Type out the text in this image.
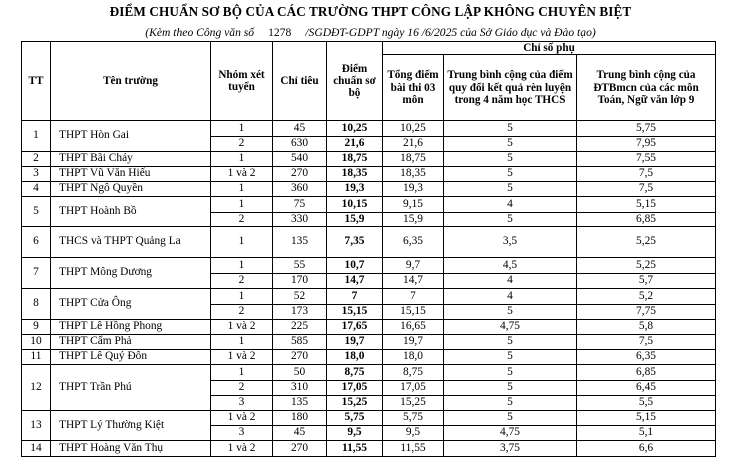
ĐIỂM CHUẨN SƠ BỘ CỦA CÁC TRƯỜNG THPT CÔNG LẬP KHÔNG CHUYÊN BIỆT
(Kèm theo Công văn số 1278 /SGDĐT-GDPT ngày 16 /6/2025 của Sở Giáo dục và Đào tạo)
TT	Tên trường	Nhóm xét tuyển	Chỉ tiêu	Điểm chuẩn sơ bộ	Chỉ số phụ		
					Tổng điểm bài thi 03 môn	Trung bình cộng của điểm quy đổi kết quả rèn luyện trong 4 năm học THCS	Trung bình cộng của ĐTBmcn của các môn Toán, Ngữ văn lớp 9
1	THPT Hòn Gai	1	45	10,25	10,25	5	5,75
		2	630	21,6	21,6	5	7,95
2	THPT Bãi Cháy	1	540	18,75	18,75	5	7,55
3	THPT Vũ Văn Hiếu	1 và 2	270	18,35	18,35	5	7,5
4	THPT Ngô Quyền	1	360	19,3	19,3	5	7,5
5	THPT Hoành Bồ	1	75	10,15	9,15	4	5,15
		2	330	15,9	15,9	5	6,85
6	THCS và THPT Quảng La	1	135	7,35	6,35	3,5	5,25
7	THPT Mông Dương	1	55	10,7	9,7	4,5	5,25
		2	170	14,7	14,7	4	5,7
8	THPT Cửa Ông	1	52	7	7	4	5,2
		2	173	15,15	15,15	5	7,75
9	THPT Lê Hồng Phong	1 và 2	225	17,65	16,65	4,75	5,8
10	THPT Cẩm Phả	1	585	19,7	19,7	5	7,5
11	THPT Lê Quý Đôn	1 và 2	270	18,0	18,0	5	6,35
12	THPT Trần Phú	1	50	8,75	8,75	5	6,85
		2	310	17,05	17,05	5	6,45
		3	135	15,25	15,25	5	5,5
13	THPT Lý Thường Kiệt	1 và 2	180	5,75	5,75	5	5,15
		3	45	9,5	9,5	4,75	5,1
14	THPT Hoàng Văn Thụ	1 và 2	270	11,55	11,55	3,75	6,6
